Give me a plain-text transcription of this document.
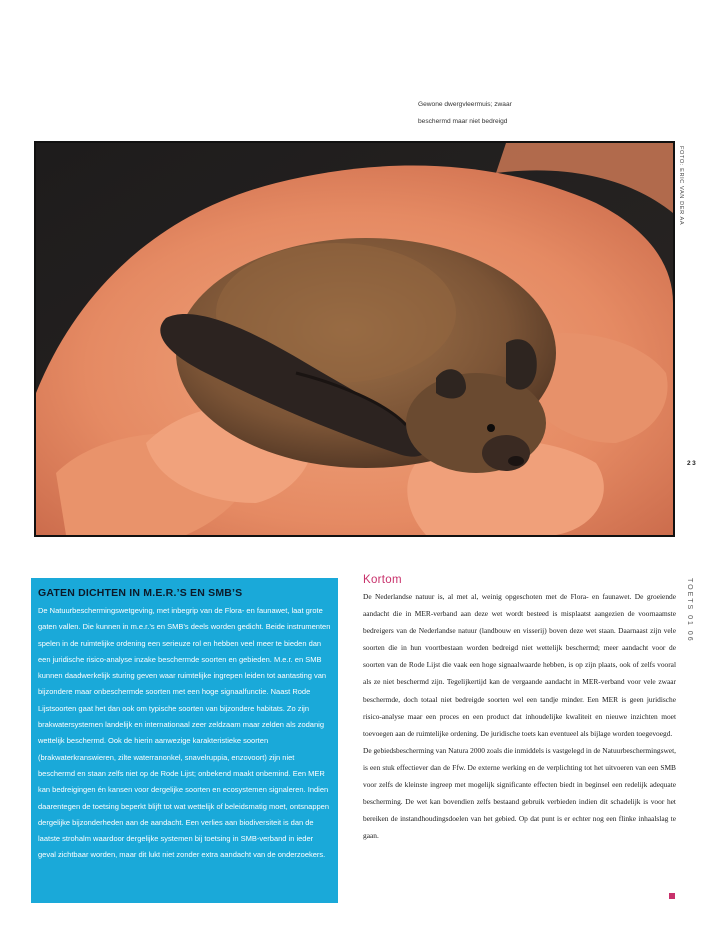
Gewone dwergvleermuis; zwaar
beschermd maar niet bedreigd
FOTO: ERIC VAN DER AA
23
TOETS 01 06
GATEN DICHTEN IN M.E.R.’S EN SMB’S

De Natuurbeschermingswetgeving, met inbegrip van de Flora- en faunawet, laat grote gaten vallen. Die kunnen in m.e.r.’s en SMB’s deels worden gedicht. Beide instrumenten spelen in de ruimtelijke ordening een serieuze rol en hebben veel meer te bieden dan een juridische risico-analyse inzake beschermde soorten en gebieden. M.e.r. en SMB kunnen daadwerkelijk sturing geven waar ruimtelijke ingrepen leiden tot aantasting van bijzondere maar onbeschermde soorten met een hoge signaalfunctie. Naast Rode Lijstsoorten gaat het dan ook om typische soorten van bijzondere habitats. Zo zijn brakwatersystemen landelijk en internationaal zeer zeldzaam maar zelden als zodanig wettelijk beschermd. Ook de hierin aanwezige karakteristieke soorten (brakwaterkranswieren, zilte waterranonkel, snavelruppia, enzovoort) zijn niet beschermd en staan zelfs niet op de Rode Lijst; onbekend maakt onbemind. Een MER kan bedreigingen én kansen voor dergelijke soorten en ecosystemen signaleren. Indien daarentegen de toetsing beperkt blijft tot wat wettelijk of beleidsmatig moet, ontsnappen dergelijke bijzonderheden aan de aandacht. Een verlies aan biodiversiteit is dan de laatste strohalm waardoor dergelijke systemen bij toetsing in SMB-verband in ieder geval zichtbaar worden, maar dit lukt niet zonder extra aandacht van de onderzoekers.

Kortom

De Nederlandse natuur is, al met al, weinig opgeschoten met de Flora- en faunawet. De groeiende aandacht die in MER-verband aan deze wet wordt besteed is misplaatst aangezien de voornaamste bedreigers van de Nederlandse natuur (landbouw en visserij) boven deze wet staan. Daarnaast zijn vele soorten die in hun voortbestaan worden bedreigd niet wettelijk beschermd; meer aandacht voor de soorten van de Rode Lijst die vaak een hoge signaalwaarde hebben, is op zijn plaats, ook of zelfs vooral als ze niet beschermd zijn. Tegelijkertijd kan de vergaande aandacht in MER-verband voor vele zwaar beschermde, doch totaal niet bedreigde soorten wel een tandje minder. Een MER is geen juridische risico-analyse maar een proces en een product dat inhoudelijke kwaliteit en nieuwe inzichten moet toevoegen aan de ruimtelijke ordening. De juridische toets kan eventueel als bijlage worden toegevoegd.

De gebiedsbescherming van Natura 2000 zoals die inmiddels is vastgelegd in de Natuurbeschermingswet, is een stuk effectiever dan de Ffw. De externe werking en de verplichting tot het uitvoeren van een SMB voor zelfs de kleinste ingreep met mogelijk significante effecten biedt in beginsel een redelijk adequate bescherming. De wet kan bovendien zelfs bestaand gebruik verbieden indien dit schadelijk is voor het bereiken de instandhoudingsdoelen van het gebied. Op dat punt is er echter nog een flinke inhaalslag te gaan.
